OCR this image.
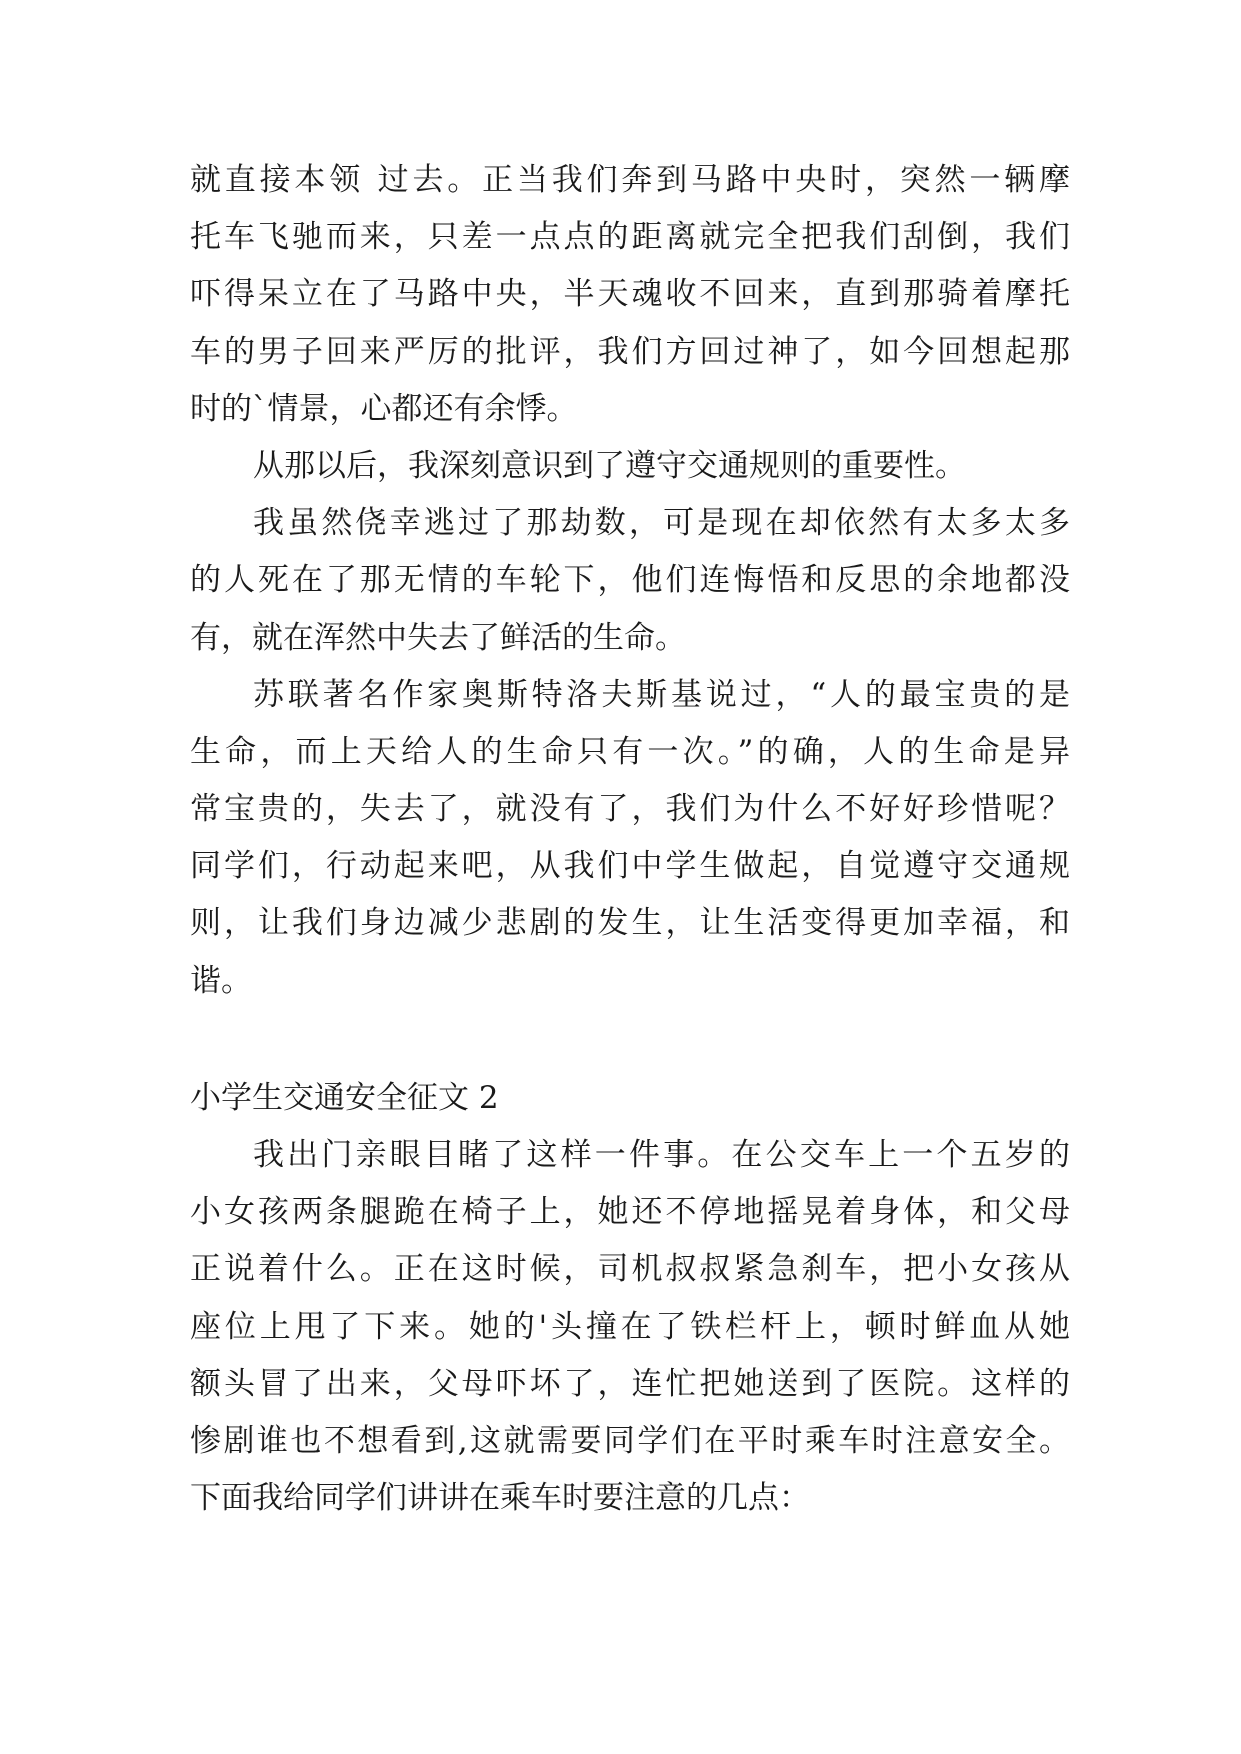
就直接本领 过去。正当我们奔到马路中央时，突然一辆摩
托车飞驰而来，只差一点点的距离就完全把我们刮倒，我们
吓得呆立在了马路中央，半天魂收不回来，直到那骑着摩托
车的男子回来严厉的批评，我们方回过神了，如今回想起那
时的`情景，心都还有余悸。
从那以后，我深刻意识到了遵守交通规则的重要性。
我虽然侥幸逃过了那劫数，可是现在却依然有太多太多
的人死在了那无情的车轮下，他们连悔悟和反思的余地都没
有，就在浑然中失去了鲜活的生命。
苏联著名作家奥斯特洛夫斯基说过，“人的最宝贵的是
生命，而上天给人的生命只有一次。”的确，人的生命是异
常宝贵的，失去了，就没有了，我们为什么不好好珍惜呢？
同学们，行动起来吧，从我们中学生做起，自觉遵守交通规
则，让我们身边减少悲剧的发生，让生活变得更加幸福，和
谐。
小学生交通安全征文 2
我出门亲眼目睹了这样一件事。在公交车上一个五岁的
小女孩两条腿跪在椅子上，她还不停地摇晃着身体，和父母
正说着什么。正在这时候，司机叔叔紧急刹车，把小女孩从
座位上甩了下来。她的'头撞在了铁栏杆上，顿时鲜血从她
额头冒了出来，父母吓坏了，连忙把她送到了医院。这样的
惨剧谁也不想看到,这就需要同学们在平时乘车时注意安全。
下面我给同学们讲讲在乘车时要注意的几点：
